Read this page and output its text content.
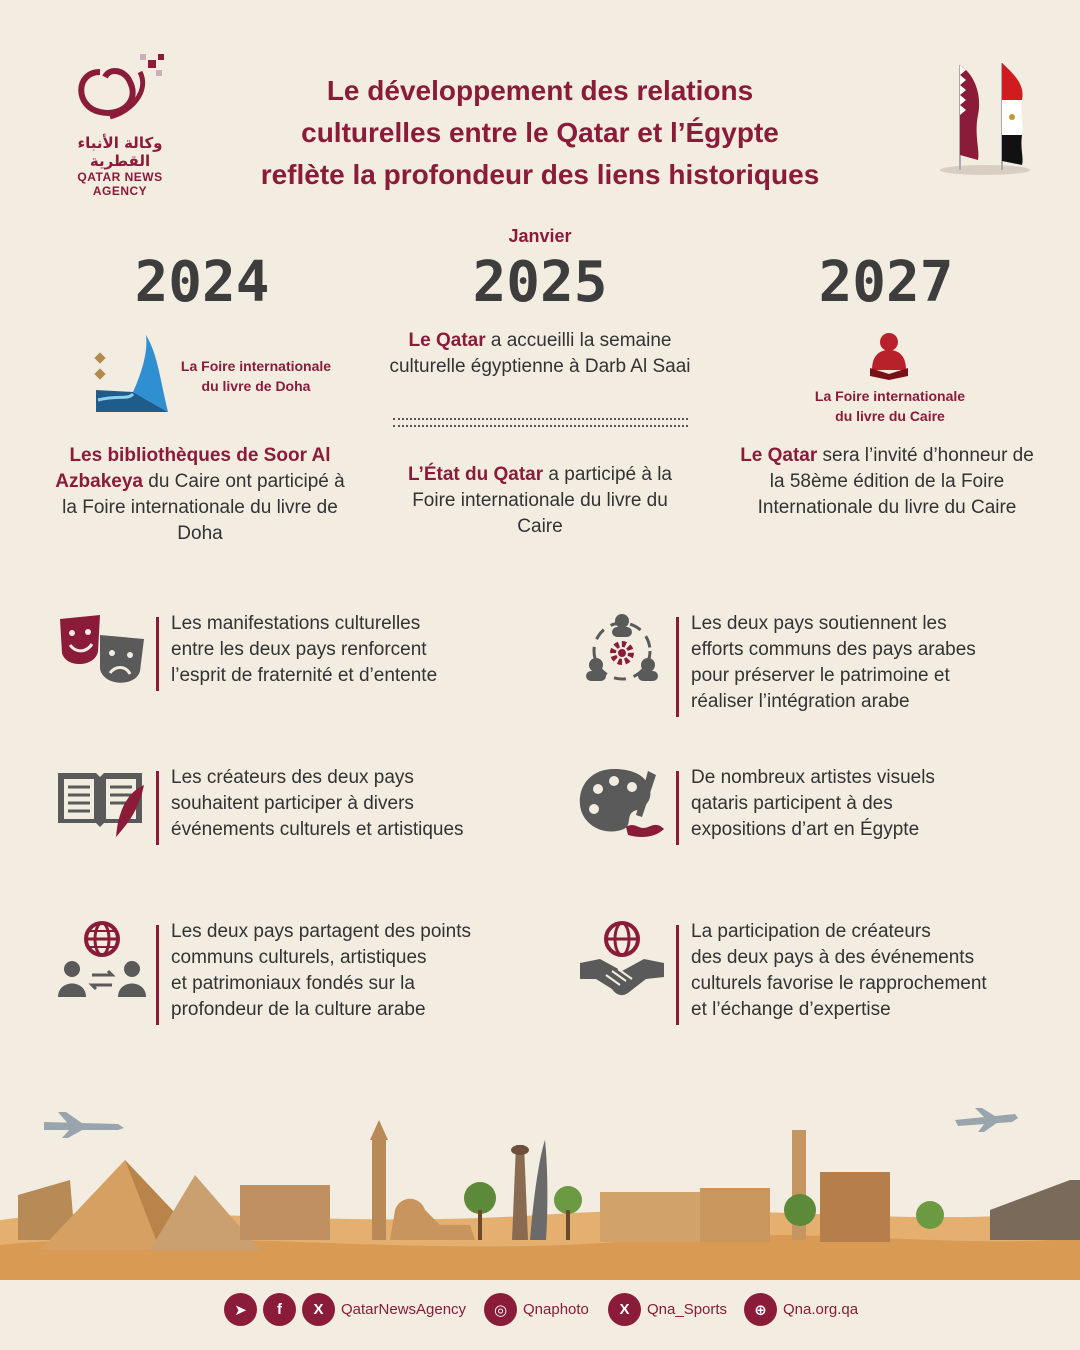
وكالة الأنباء القطرية
QATAR NEWS AGENCY
Le développement des relations
culturelles entre le Qatar et l’Égypte
reflète la profondeur des liens historiques
2024
Janvier
2025	2027
La Foire internationale
du livre de Doha
Les bibliothèques de Soor Al Azbakeya du Caire ont participé à la Foire internationale du livre de Doha
Le Qatar a accueilli la semaine culturelle égyptienne à Darb Al Saai
L’État du Qatar a participé à la Foire internationale du livre du Caire
La Foire internationale
du livre du Caire
Le Qatar sera l’invité d’honneur de la 58ème édition de la Foire Internationale du livre du Caire
Les manifestations culturelles
entre les deux pays renforcent
l’esprit de fraternité et d’entente
Les deux pays soutiennent les
efforts communs des pays arabes
pour préserver le patrimoine et
réaliser l’intégration arabe
Les créateurs des deux pays
souhaitent participer à divers
événements culturels et artistiques
De nombreux artistes visuels
qataris participent à des
expositions d’art en Égypte
Les deux pays partagent des points
communs culturels, artistiques
et patrimoniaux fondés sur la
profondeur de la culture arabe
La participation de créateurs
des deux pays à des événements
culturels favorise le rapprochement
et l’échange d’expertise
➤	f	X	QatarNewsAgency	◎	Qnaphoto	X	Qna_Sports	⊕	Qna.org.qa
